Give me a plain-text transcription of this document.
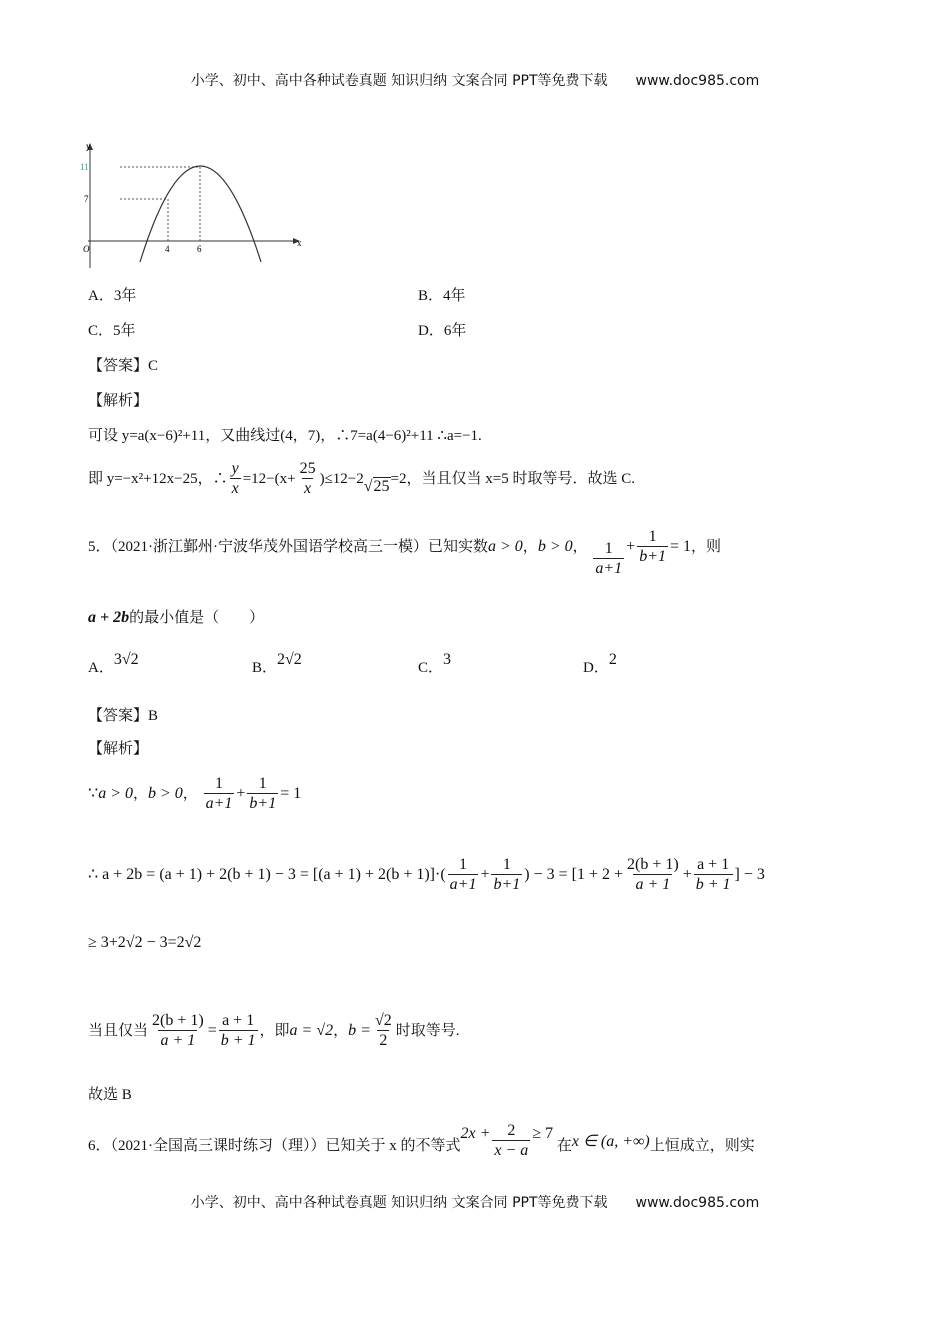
小学、初中、高中各种试卷真题 知识归纳 文案合同 PPT等免费下载 www.doc985.com
y
x
O
11
7
4	6
A．3年	B．4年
C．5年	D．6年
【答案】C
【解析】
可设 y=a(x−6)²+11，又曲线过(4，7)，∴7=a(4−6)²+11 ∴a=−1.
即 y=−x²+12x−25，∴ $\frac{y}{x} =12-(x+ \frac{25}{x} )\le 12-2√25=2$，当且仅当 x=5 时取等号．故选 C.
5．（2021·浙江鄞州·宁波华茂外国语学校高三一模）已知实数a > 0，b > 0， $\frac{1}{a+1} + \frac{1}{b+1} = 1$，则
a + 2b的最小值是（　　）
A．3√2	B．2√2	C．3	D．2
【答案】B
【解析】
∵a > 0，b > 0， $\frac{1}{a+1} + \frac{1}{b+1} = 1$
∴ $a + 2b = (a + 1) + 2(b + 1) - 3 = [(a + 1) + 2(b + 1)]\cdot( \frac{1}{a+1} + \frac{1}{b+1}$ ) − $3 = [1 + 2 + \frac{2(b + 1)}{a + 1} + \frac{a + 1}{b + 1}$ ] − 3
≥ 3+2√2 − 3=2√2
当且仅当 $\frac{2(b + 1)}{a + 1} = \frac{a + 1}{b + 1}$ ，即a = √2，$b = \frac{√2}{2}$ 时取等号.
故选 B
6．（2021·全国高三课时练习（理））已知关于 x 的不等式$2x + \frac{2}{x - a} \ge 7$ 在x ∈ (a, +∞)上恒成立，则实
小学、初中、高中各种试卷真题 知识归纳 文案合同 PPT等免费下载 www.doc985.com
